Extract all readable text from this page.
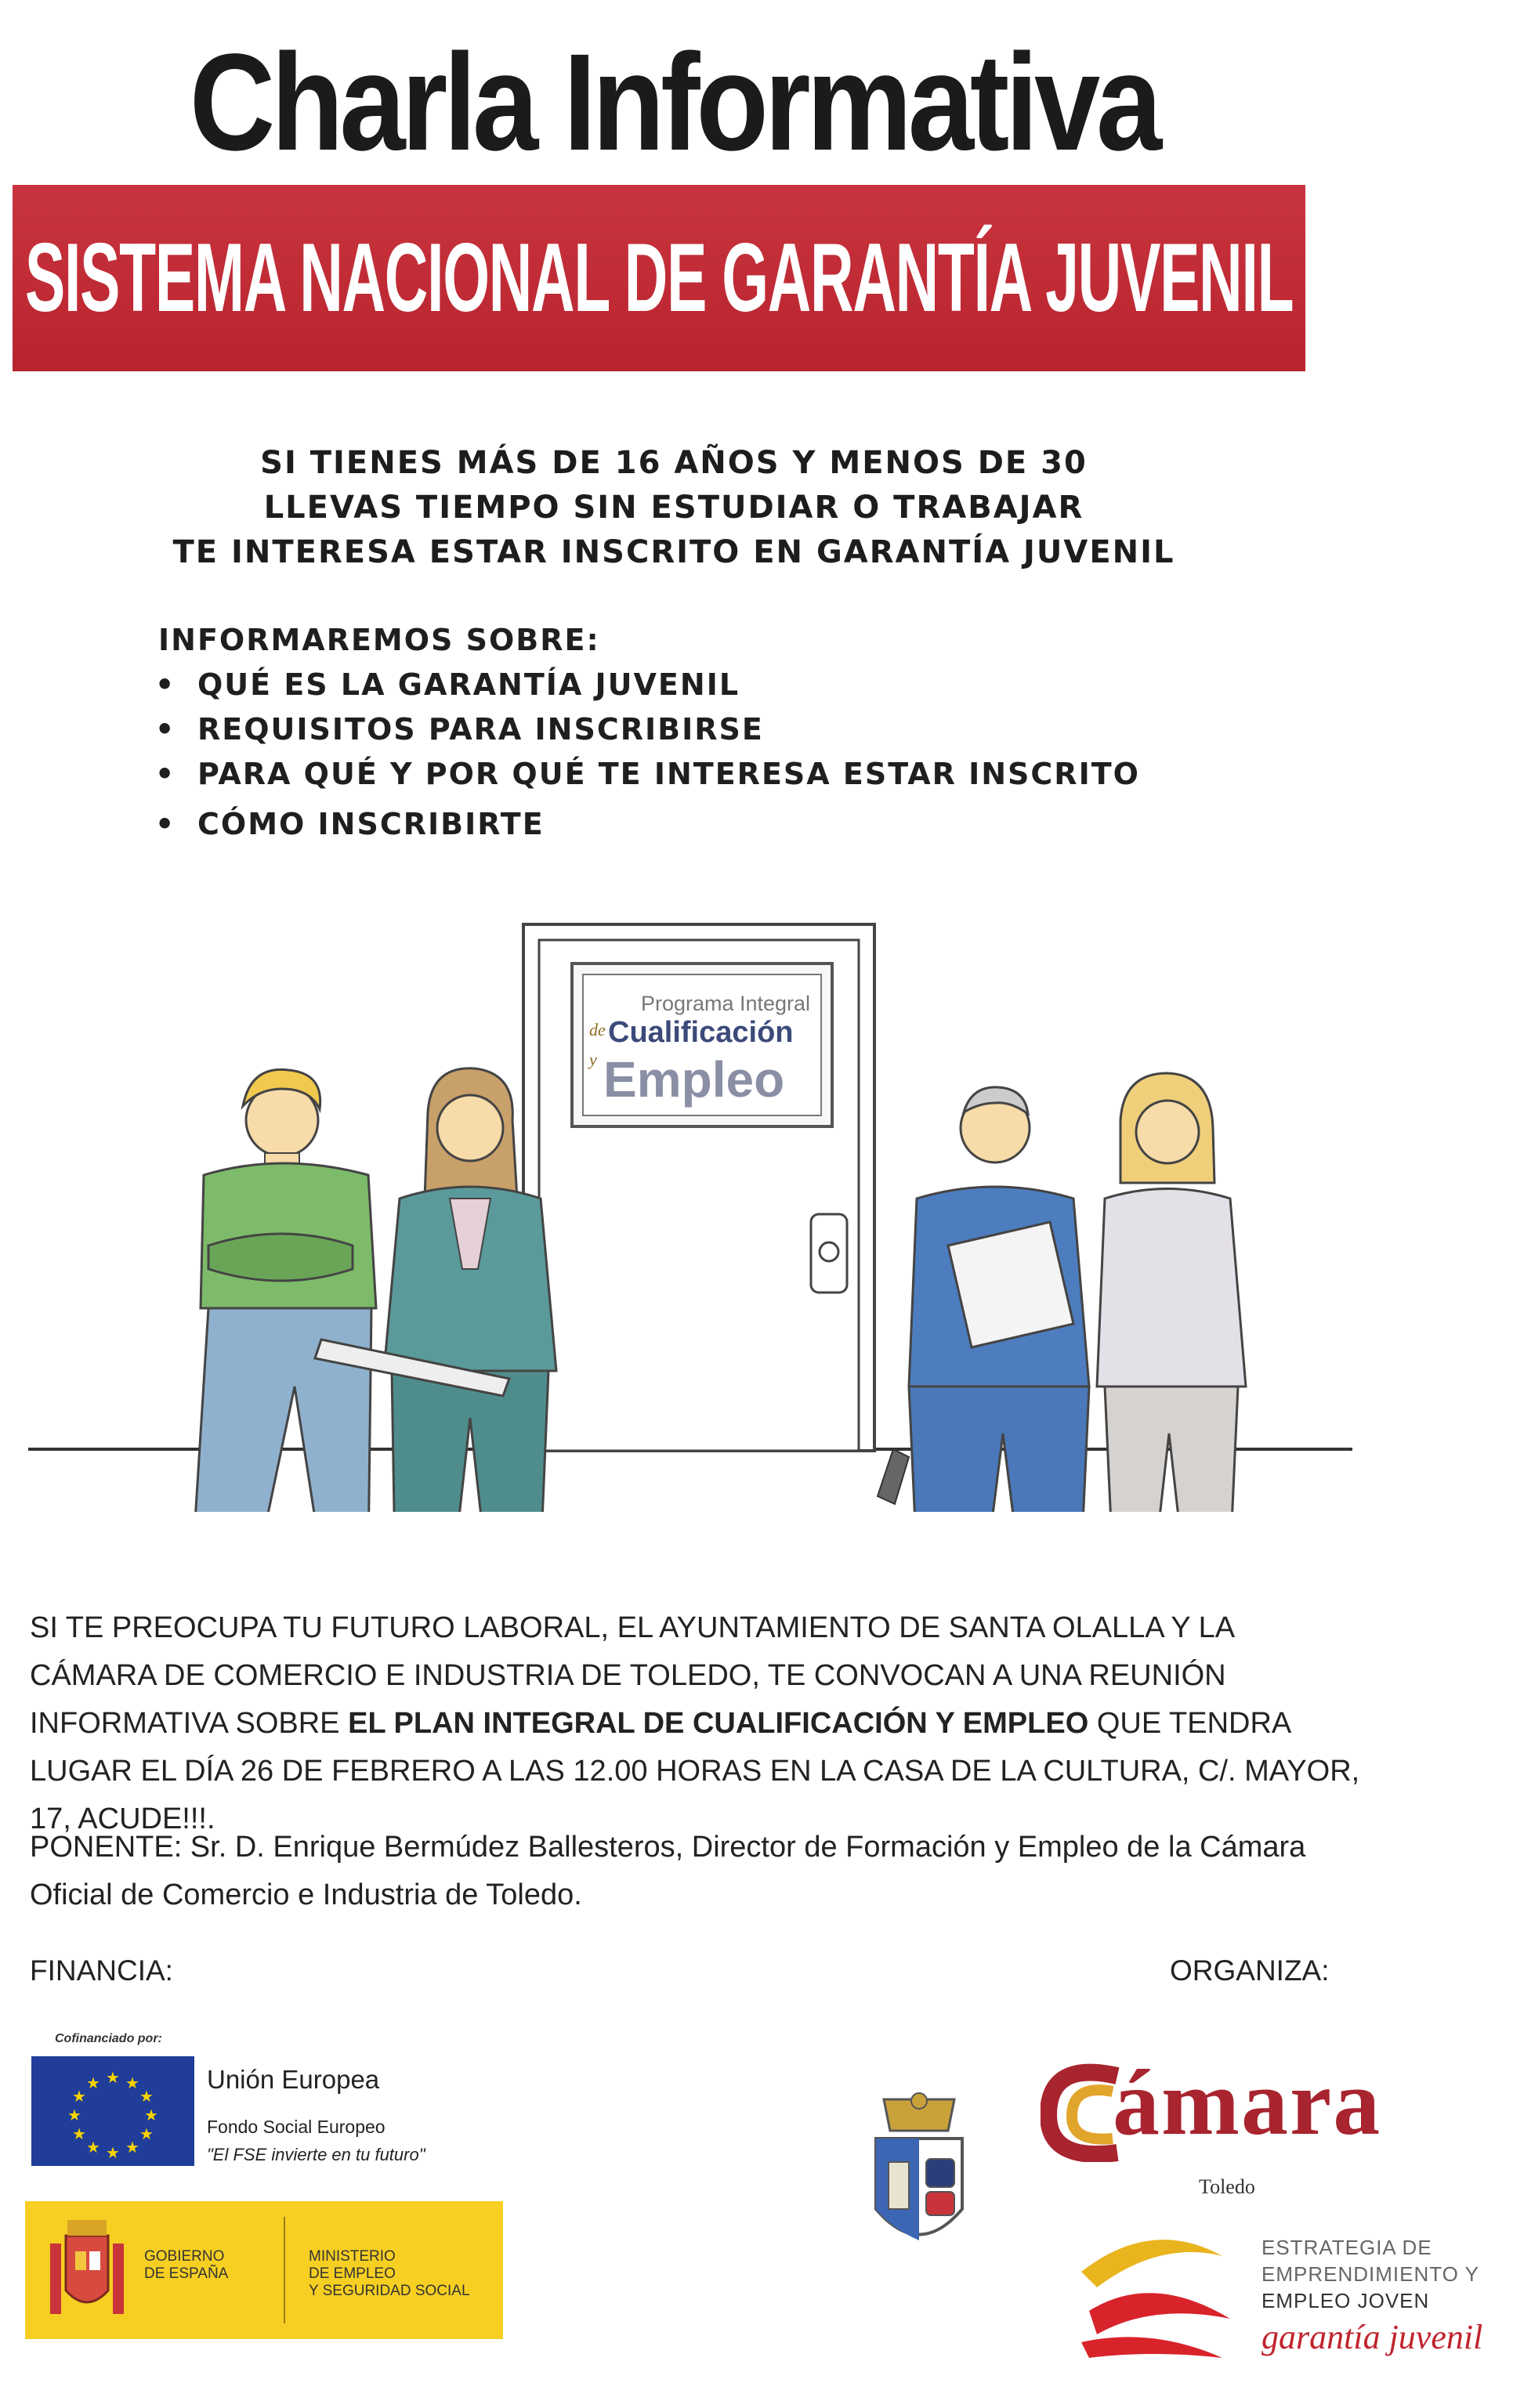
Charla Informativa
SISTEMA NACIONAL DE GARANTÍA JUVENIL
SI TIENES MÁS DE 16 AÑOS Y MENOS DE 30
LLEVAS TIEMPO SIN ESTUDIAR O TRABAJAR
TE INTERESA ESTAR INSCRITO EN GARANTÍA JUVENIL
INFORMAREMOS SOBRE:
• QUÉ ES LA GARANTÍA JUVENIL
• REQUISITOS PARA INSCRIBIRSE
• PARA QUÉ Y POR QUÉ TE INTERESA ESTAR INSCRITO
• CÓMO INSCRIBIRTE
Programa Integral
de Cualificación
y Empleo
SI TE PREOCUPA TU FUTURO LABORAL, EL AYUNTAMIENTO DE SANTA OLALLA Y LA CÁMARA DE COMERCIO E INDUSTRIA DE TOLEDO, TE CONVOCAN A UNA REUNIÓN INFORMATIVA SOBRE EL PLAN INTEGRAL DE CUALIFICACIÓN Y EMPLEO QUE TENDRA LUGAR EL DÍA 26 DE FEBRERO A LAS 12.00 HORAS EN LA CASA DE LA CULTURA, C/. MAYOR, 17, ACUDE!!!.
PONENTE: Sr. D. Enrique Bermúdez Ballesteros, Director de Formación y Empleo de la Cámara Oficial de Comercio e Industria de Toledo.
FINANCIA:	ORGANIZA:
Cofinanciado por:
★ ★
★
★
★
★
★
★
★
★
★
★	Unión Europea
Fondo Social Europeo
"El FSE invierte en tu futuro"
GOBIERNO
DE ESPAÑA
MINISTERIO
DE EMPLEO
Y SEGURIDAD SOCIAL
ámara
Toledo
ESTRATEGIA DE
EMPRENDIMIENTO Y
EMPLEO JOVEN
garantía juvenil
